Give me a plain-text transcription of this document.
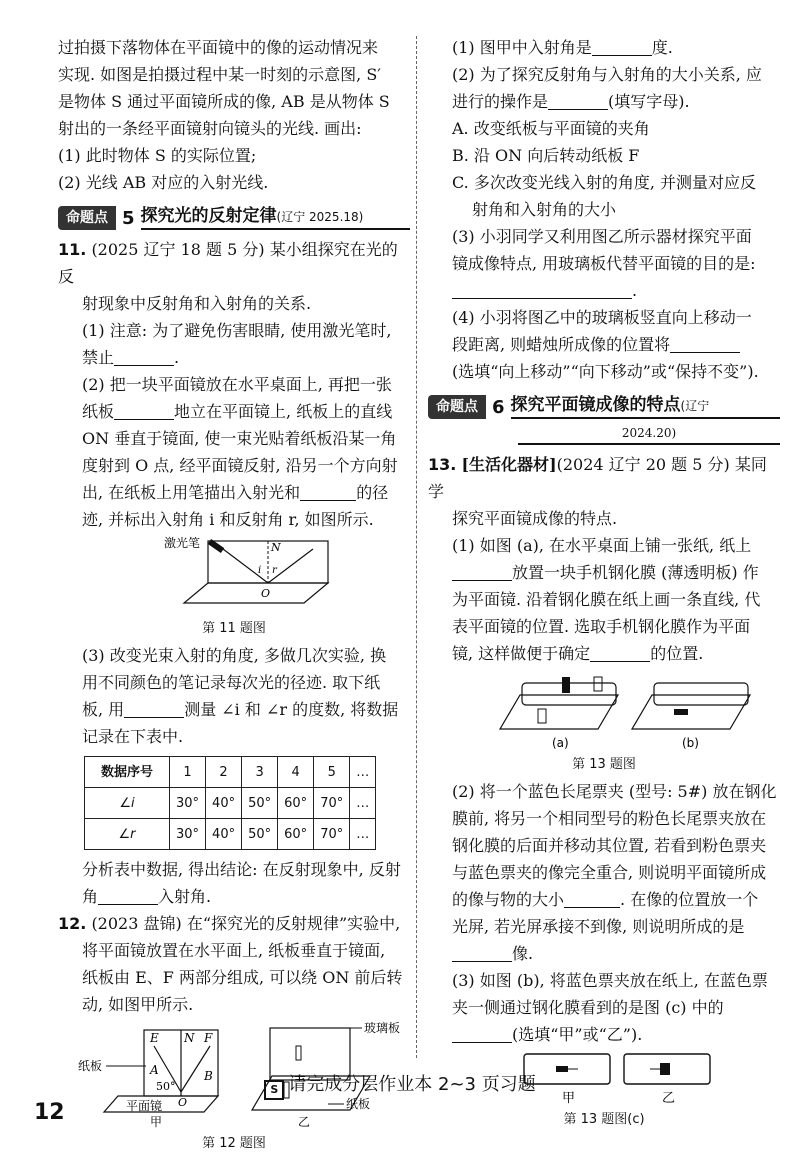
过拍摄下落物体在平面镜中的像的运动情况来

实现. 如图是拍摄过程中某一时刻的示意图, S′

是物体 S 通过平面镜所成的像, AB 是从物体 S

射出的一条经平面镜射向镜头的光线. 画出:

(1) 此时物体 S 的实际位置;

(2) 光线 AB 对应的入射光线.

命题点 5 探究光的反射定律(辽宁 2025.18)

11. (2025 辽宁 18 题 5 分) 某小组探究在光的反

射现象中反射角和入射角的关系.

(1) 注意: 为了避免伤害眼睛, 使用激光笔时,

禁止	.

(2) 把一块平面镜放在水平桌面上, 再把一张

纸板	地立在平面镜上, 纸板上的直线

ON 垂直于镜面, 使一束光贴着纸板沿某一角

度射到 O 点, 经平面镜反射, 沿另一个方向射

出, 在纸板上用笔描出入射光和	的径

迹, 并标出入射角 i 和反射角 r, 如图所示.

激光笔	N
O
i r

第 11 题图

(3) 改变光束入射的角度, 多做几次实验, 换

用不同颜色的笔记录每次光的径迹. 取下纸

板, 用	测量 ∠i 和 ∠r 的度数, 将数据

记录在下表中.

数据序号	1	2	3	4	5	…
∠i	30°	40°	50°	60°	70°	…
∠r	30°	40°	50°	60°	70°	…

分析表中数据, 得出结论: 在反射现象中, 反射

角	入射角.

12. (2023 盘锦) 在“探究光的反射规律”实验中,

将平面镜放置在水平面上, 纸板垂直于镜面,

纸板由 E、F 两部分组成, 可以绕 ON 前后转

动, 如图甲所示.

E N F
A	B
O
50°
纸板
平面镜
甲
玻璃板
纸板
乙

第 12 题图

(1) 图甲中入射角是	度.

(2) 为了探究反射角与入射角的大小关系, 应

进行的操作是	(填写字母).

A. 改变纸板与平面镜的夹角

B. 沿 ON 向后转动纸板 F

C. 多次改变光线入射的角度, 并测量对应反

射角和入射角的大小

(3) 小羽同学又利用图乙所示器材探究平面

镜成像特点, 用玻璃板代替平面镜的目的是:

.

(4) 小羽将图乙中的玻璃板竖直向上移动一

段距离, 则蜡烛所成像的位置将

(选填“向上移动”“向下移动”或“保持不变”).

命题点 6 探究平面镜成像的特点(辽宁

2024.20)

13. [生活化器材](2024 辽宁 20 题 5 分) 某同学

探究平面镜成像的特点.

(1) 如图 (a), 在水平桌面上铺一张纸, 纸上

放置一块手机钢化膜 (薄透明板) 作

为平面镜. 沿着钢化膜在纸上画一条直线, 代

表平面镜的位置. 选取手机钢化膜作为平面

镜, 这样做便于确定	的位置.

(a)	(b)

第 13 题图

(2) 将一个蓝色长尾票夹 (型号: 5#) 放在钢化

膜前, 将另一个相同型号的粉色长尾票夹放在

钢化膜的后面并移动其位置, 若看到粉色票夹

与蓝色票夹的像完全重合, 则说明平面镜所成

的像与物的大小	. 在像的位置放一个

光屏, 若光屏承接不到像, 则说明所成的是

像.

(3) 如图 (b), 将蓝色票夹放在纸上, 在蓝色票

夹一侧通过钢化膜看到的是图 (c) 中的

(选填“甲”或“乙”).

甲	乙

第 13 题图(c)

S 请完成分层作业本 2~3 页习题
12
